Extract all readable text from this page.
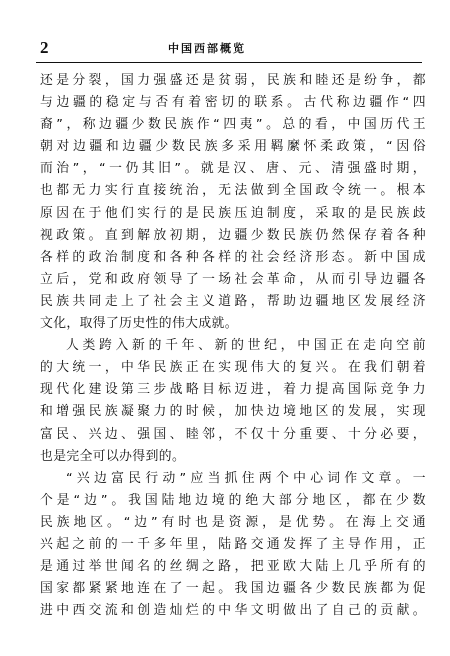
2	中国西部概览
还是分裂，国力强盛还是贫弱，民族和睦还是纷争，都
与边疆的稳定与否有着密切的联系。古代称边疆作“四
裔”，称边疆少数民族作“四夷”。总的看，中国历代王
朝对边疆和边疆少数民族多采用羁縻怀柔政策，“因俗
而治”，“一仍其旧”。就是汉、唐、元、清强盛时期，
也都无力实行直接统治，无法做到全国政令统一。根本
原因在于他们实行的是民族压迫制度，采取的是民族歧
视政策。直到解放初期，边疆少数民族仍然保存着各种
各样的政治制度和各种各样的社会经济形态。新中国成
立后，党和政府领导了一场社会革命，从而引导边疆各
民族共同走上了社会主义道路，帮助边疆地区发展经济
文化，取得了历史性的伟大成就。
人类跨入新的千年、新的世纪，中国正在走向空前
的大统一，中华民族正在实现伟大的复兴。在我们朝着
现代化建设第三步战略目标迈进，着力提高国际竞争力
和增强民族凝聚力的时候，加快边境地区的发展，实现
富民、兴边、强国、睦邻，不仅十分重要、十分必要，
也是完全可以办得到的。
“兴边富民行动”应当抓住两个中心词作文章。一
个是“边”。我国陆地边境的绝大部分地区，都在少数
民族地区。“边”有时也是资源，是优势。在海上交通
兴起之前的一千多年里，陆路交通发挥了主导作用，正
是通过举世闻名的丝绸之路，把亚欧大陆上几乎所有的
国家都紧紧地连在了一起。我国边疆各少数民族都为促
进中西交流和创造灿烂的中华文明做出了自己的贡献。
